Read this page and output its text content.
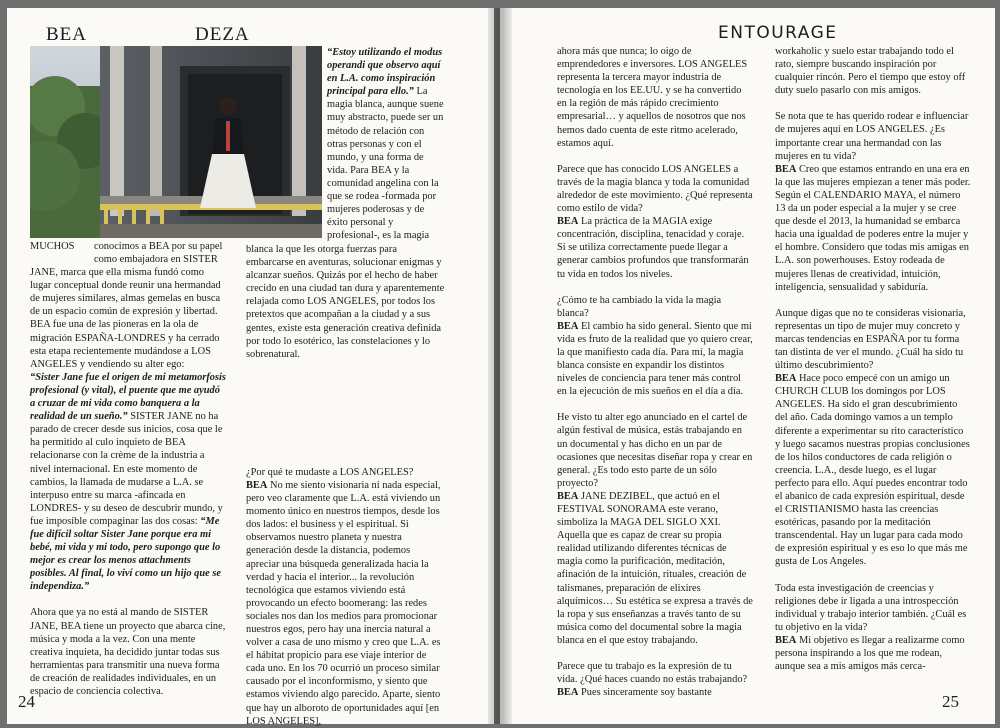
BEA	DEZA	ENTOURAGE
MUCHOS conocimos a BEA por su papel
como embajadora en SISTER JANE, marca que ella misma fundó como lugar conceptual donde reunir una hermandad de mujeres similares, almas gemelas en busca de un espacio común de expresión y libertad. BEA fue una de las pioneras en la ola de migración ESPAÑA-LONDRES y ha cerrado esta etapa recientemente mudándose a LOS ANGELES y vendiendo su alter ego:
“Sister Jane fue el origen de mi metamorfosis profesional (y vital), el puente que me ayudó a cruzar de mi vida como banquera a la realidad de un sueño.” SISTER JANE no ha parado de crecer desde sus inicios, cosa que le ha permitido al culo inquieto de BEA relacionarse con la crème de la industria a nivel internacional. En este momento de cambios, la llamada de mudarse a L.A. se interpuso entre su marca -afincada en LONDRES- y su deseo de descubrir mundo, y fue imposible compaginar las dos cosas: “Me fue difícil soltar Sister Jane porque era mi bebé, mi vida y mi todo, pero supongo que lo mejor es crear los menos attachments posibles. Al final, lo viví como un hijo que se independiza.”

Ahora que ya no está al mando de SISTER JANE, BEA tiene un proyecto que abarca cine, música y moda a la vez. Con una mente creativa inquieta, ha decidido juntar todas sus herramientas para transmitir una nueva forma de creación de realidades individuales, en un espacio de conciencia colectiva.

“Estoy utilizando el modus operandi que observo aquí en L.A. como inspiración principal para ello.” La magia blanca, aunque suene muy abstracto, puede ser un método de relación con otras personas y con el mundo, y una forma de vida. Para BEA y la comunidad angelina con la que se rodea -formada por mujeres poderosas y de éxito personal y profesional-, es la magia

blanca la que les otorga fuerzas para embarcarse en aventuras, solucionar enigmas y alcanzar sueños. Quizás por el hecho de haber crecido en una ciudad tan dura y aparentemente relajada como LOS ANGELES, por todos los pretextos que acompañan a la ciudad y a sus gentes, existe esta generación creativa definida por todo lo esotérico, las constelaciones y lo sobrenatural.

¿Por qué te mudaste a LOS ANGELES?
BEA No me siento visionaria ni nada especial, pero veo claramente que L.A. está viviendo un momento único en nuestros tiempos, desde los dos lados: el business y el espiritual. Si observamos nuestro planeta y nuestra generación desde la distancia, podemos apreciar una búsqueda generalizada hacia la verdad y hacia el interior... la revolución tecnológica que estamos viviendo está provocando un efecto boomerang: las redes sociales nos dan los medios para promocionar nuestros egos, pero hay una inercia natural a volver a casa de uno mismo y creo que L.A. es el hábitat propicio para ese viaje interior de cada uno. En los 70 ocurrió un proceso similar causado por el inconformismo, y siento que estamos viviendo algo parecido. Aparte, siento que hay un alboroto de oportunidades aquí [en LOS ANGELES],

ahora más que nunca; lo oigo de emprendedores e inversores. LOS ANGELES representa la tercera mayor industria de tecnología en los EE.UU. y se ha convertido en la región de más rápido crecimiento empresarial… y aquellos de nosotros que nos hemos dado cuenta de este ritmo acelerado, estamos aquí.

Parece que has conocido LOS ANGELES a través de la magia blanca y toda la comunidad alrededor de este movimiento. ¿Qué representa como estilo de vida?

BEA La práctica de la MAGIA exige concentración, disciplina, tenacidad y coraje. Si se utiliza correctamente puede llegar a generar cambios profundos que transformarán tu vida en todos los niveles.

¿Cómo te ha cambiado la vida la magia blanca?

BEA El cambio ha sido general. Siento que mi vida es fruto de la realidad que yo quiero crear, la que manifiesto cada día. Para mí, la magia blanca consiste en expandir los distintos niveles de conciencia para tener más control en la ejecución de mis sueños en el día a día.

He visto tu alter ego anunciado en el cartel de algún festival de música, estás trabajando en un documental y has dicho en un par de ocasiones que necesitas diseñar ropa y crear en general. ¿Es todo esto parte de un sólo proyecto?

BEA JANE DEZIBEL, que actuó en el FESTIVAL SONORAMA este verano, simboliza la MAGA DEL SIGLO XXI. Aquella que es capaz de crear su propia realidad utilizando diferentes técnicas de magia como la purificación, meditación, afinación de la intuición, rituales, creación de talismanes, preparación de elixires alquímicos… Su estética se expresa a través de la ropa y sus enseñanzas a través tanto de su música como del documental sobre la magia blanca en el que estoy trabajando.

Parece que tu trabajo es la expresión de tu vida. ¿Qué haces cuando no estás trabajando?
BEA Pues sinceramente soy bastante

workaholic y suelo estar trabajando todo el rato, siempre buscando inspiración por cualquier rincón. Pero el tiempo que estoy off duty suelo pasarlo con mis amigos.

Se nota que te has querido rodear e influenciar de mujeres aquí en LOS ANGELES. ¿Es importante crear una hermandad con las mujeres en tu vida?

BEA Creo que estamos entrando en una era en la que las mujeres empiezan a tener más poder. Según el CALENDARIO MAYA, el número 13 da un poder especial a la mujer y se cree que desde el 2013, la humanidad se embarca hacia una igualdad de poderes entre la mujer y el hombre. Considero que todas mis amigas en L.A. son powerhouses. Estoy rodeada de mujeres llenas de creatividad, intuición, inteligencia, sensualidad y sabiduría.

Aunque digas que no te consideras visionaria, representas un tipo de mujer muy concreto y marcas tendencias en ESPAÑA por tu forma tan distinta de ver el mundo. ¿Cuál ha sido tu último descubrimiento?

BEA Hace poco empecé con un amigo un CHURCH CLUB los domingos por LOS ANGELES. Ha sido el gran descubrimiento del año. Cada domingo vamos a un templo diferente a experimentar su rito característico y luego sacamos nuestras propias conclusiones de los hilos conductores de cada religión o creencia. L.A., desde luego, es el lugar perfecto para ello. Aquí puedes encontrar todo el abanico de cada expresión espiritual, desde el CRISTIANISMO hasta las creencias esotéricas, pasando por la meditación transcendental. Hay un lugar para cada modo de expresión espiritual y es eso lo que más me gusta de Los Angeles.

Toda esta investigación de creencias y religiones debe ir ligada a una introspección individual y trabajo interior también. ¿Cuál es tu objetivo en la vida?
BEA Mi objetivo es llegar a realizarme como persona inspirando a los que me rodean, aunque sea a mis amigos más cerca-
24	25
